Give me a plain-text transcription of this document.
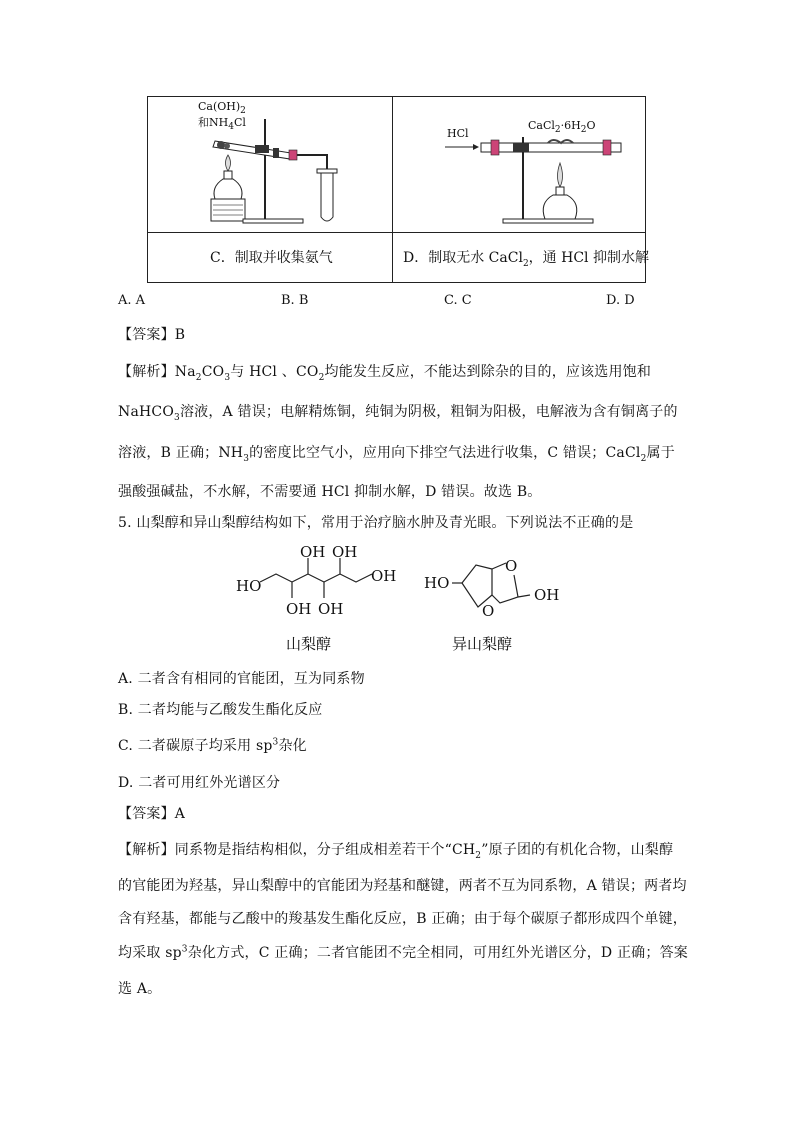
$Ca(OH)_2$
和$NH_4Cl$
HCl
$CaCl_2\cdot 6H_2O$
C．制取并收集氨气	D．制取无水 CaCl$_2$，通 HCl 抑制水解
A. A	B. B	C. C	D. D
【答案】B
【解析】$Na_2CO_3$与 HCl 、$CO_2$均能发生反应，不能达到除杂的目的，应该选用饱和
NaHCO$_3$溶液，A 错误；电解精炼铜，纯铜为阴极，粗铜为阳极，电解液为含有铜离子的
溶液，B 正确；$NH_3$的密度比空气小，应用向下排空气法进行收集，C 错误；CaCl$_2$属于
强酸强碱盐，不水解，不需要通 HCl 抑制水解，D 错误。故选 B。
5. 山梨醇和异山梨醇结构如下，常用于治疗脑水肿及青光眼。下列说法不正确的是
HO
OH OH
OH
OH OH
山梨醇
HO
O
O
OH
异山梨醇
A. 二者含有相同的官能团，互为同系物
B. 二者均能与乙酸发生酯化反应
C. 二者碳原子均采用 $sp^3$杂化
D. 二者可用红外光谱区分
【答案】A
【解析】同系物是指结构相似，分子组成相差若干个“$CH_2$”原子团的有机化合物，山梨醇
的官能团为羟基，异山梨醇中的官能团为羟基和醚键，两者不互为同系物，A 错误；两者均
含有羟基，都能与乙酸中的羧基发生酯化反应，B 正确；由于每个碳原子都形成四个单键，
均采取 $sp^3$杂化方式，C 正确；二者官能团不完全相同，可用红外光谱区分，D 正确；答案
选 A。
